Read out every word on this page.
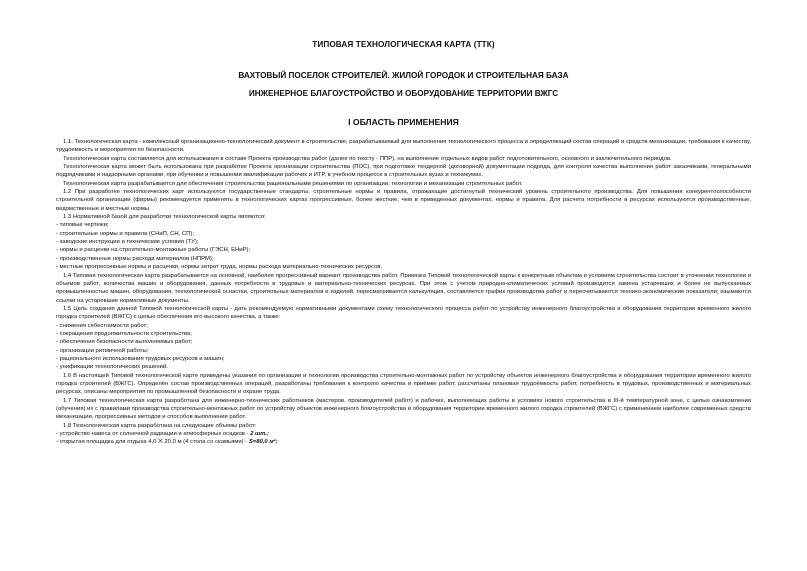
ТИПОВАЯ ТЕХНОЛОГИЧЕСКАЯ КАРТА (ТТК)
ВАХТОВЫЙ ПОСЕЛОК СТРОИТЕЛЕЙ. ЖИЛОЙ ГОРОДОК И СТРОИТЕЛЬНАЯ БАЗА
ИНЖЕНЕРНОЕ БЛАГОУСТРОЙСТВО И ОБОРУДОВАНИЕ ТЕРРИТОРИИ ВЖГС
I ОБЛАСТЬ ПРИМЕНЕНИЯ

1.1. Технологическая карта - комплексный организационно-технологический документ в строительстве, разрабатываемый для выполнения технологического процесса и определяющий состав операций и средств механизации, требования к качеству, трудоемкость и мероприятия по безопасности.

Технологическая карта составляется для использования в составе Проекта производства работ (далее по тексту - ППР), на выполнение отдельных видов работ подготовительного, основного и заключительного периодов.

Технологическая карта может быть использована при разработке Проекта организации строительства (ПОС), при подготовке тендерной (договорной) документации подряда, для контроля качества выполнения работ заказчиками, генеральными подрядчиками и надзорными органами, при обучении и повышении квалификации рабочих и ИТР, в учебном процессе в строительных вузах и техникумах.

Технологическая карта разрабатывается для обеспечения строительства рациональными решениями по организации, технологии и механизации строительных работ.

1.2 При разработке технологических карт используются государственные стандарты, строительные нормы и правила, отражающие достигнутый технический уровень строительного производства. Для повышения конкурентоспособности строительной организации (фирмы) рекомендуется применять в технологических картах прогрессивные, более жесткие, чем в приведенных документах, нормы и правила. Для расчета потребности в ресурсах используются производственные, ведомственные и местные нормы.

1.3 Нормативной базой для разработки технологической карты являются:

- типовые чертежи;

- строительные нормы и правила (СНиП, СН, СП);

- заводские инструкции и технические условия (ТУ);

- нормы и расценки на строительно-монтажные работы (ГЭСН, ЕНиР);

- производственные нормы расхода материалов (НПРМ);

- местные прогрессивные нормы и расценки, нормы затрат труда, нормы расхода материально-технических ресурсов.

1.4 Типовая технологическая карта разрабатывается на основной, наиболее прогрессивный вариант производства работ. Привязка Типовой технологической карты к конкретным объектам и условиям строительства состоит в уточнении технологии и объемов работ, количества машин и оборудования, данных потребности в трудовых и материально-технических ресурсах. При этом с учетом природно-климатических условий производится замена устаревших и более не выпускаемых промышленностью машин, оборудования, технологической оснастки, строительных материалов и изделий, пересматривается калькуляция, составляется график производства работ и пересчитываются технико-экономические показатели; изымаются ссылки на устаревшие нормативные документы.

1.5 Цель создания данной Типовой технологической карты - дать рекомендуемую нормативными документами схему технологического процесса работ по устройству инженерного благоустройства и оборудования территории временного жилого городка строителей (ВЖГС) с целью обеспечения его высокого качества, а также:

- снижения себестоимости работ;

- сокращения продолжительности строительства;

- обеспечения безопасности выполняемых работ;

- организации ритмичной работы;

- рационального использования трудовых ресурсов и машин;

- унификации технологических решений.

1.6 В настоящей Типовой технологической карте приведены указания по организации и технологии производства строительно-монтажных работ по устройству объектов инженерного благоустройства и оборудования территории временного жилого городка строителей (ВЖГС). Определён состав производственных операций, разработаны требования к контролю качества и приёмке работ, рассчитаны плановая трудоёмкость работ, потребность в трудовых, производственных и материальных ресурсах, описаны мероприятия по промышленной безопасности и охране труда.

1.7 Типовая технологическая карта разработана для инженерно-технических работников (мастеров, производителей работ) и рабочих, выполняющих работы в условиях нового строительства в III-й температурной зоне, с целью ознакомления (обучения) их с правилами производства строительно-монтажных работ по устройству объектов инженерного благоустройства и оборудования территории временного жилого городка строителей (ВЖГС) с применением наиболее современных средств механизации, прогрессивных методов и способов выполнения работ.

1.8 Технологическая карта разработана на следующие объемы работ:

- устройство навеса от солнечной радиации и атмосферных осадков - 2 шт.;

- открытая площадка для отдыха 4,0 ⨉ 20,0 м (4 стола со скамьями) - S=80,0 м²;
